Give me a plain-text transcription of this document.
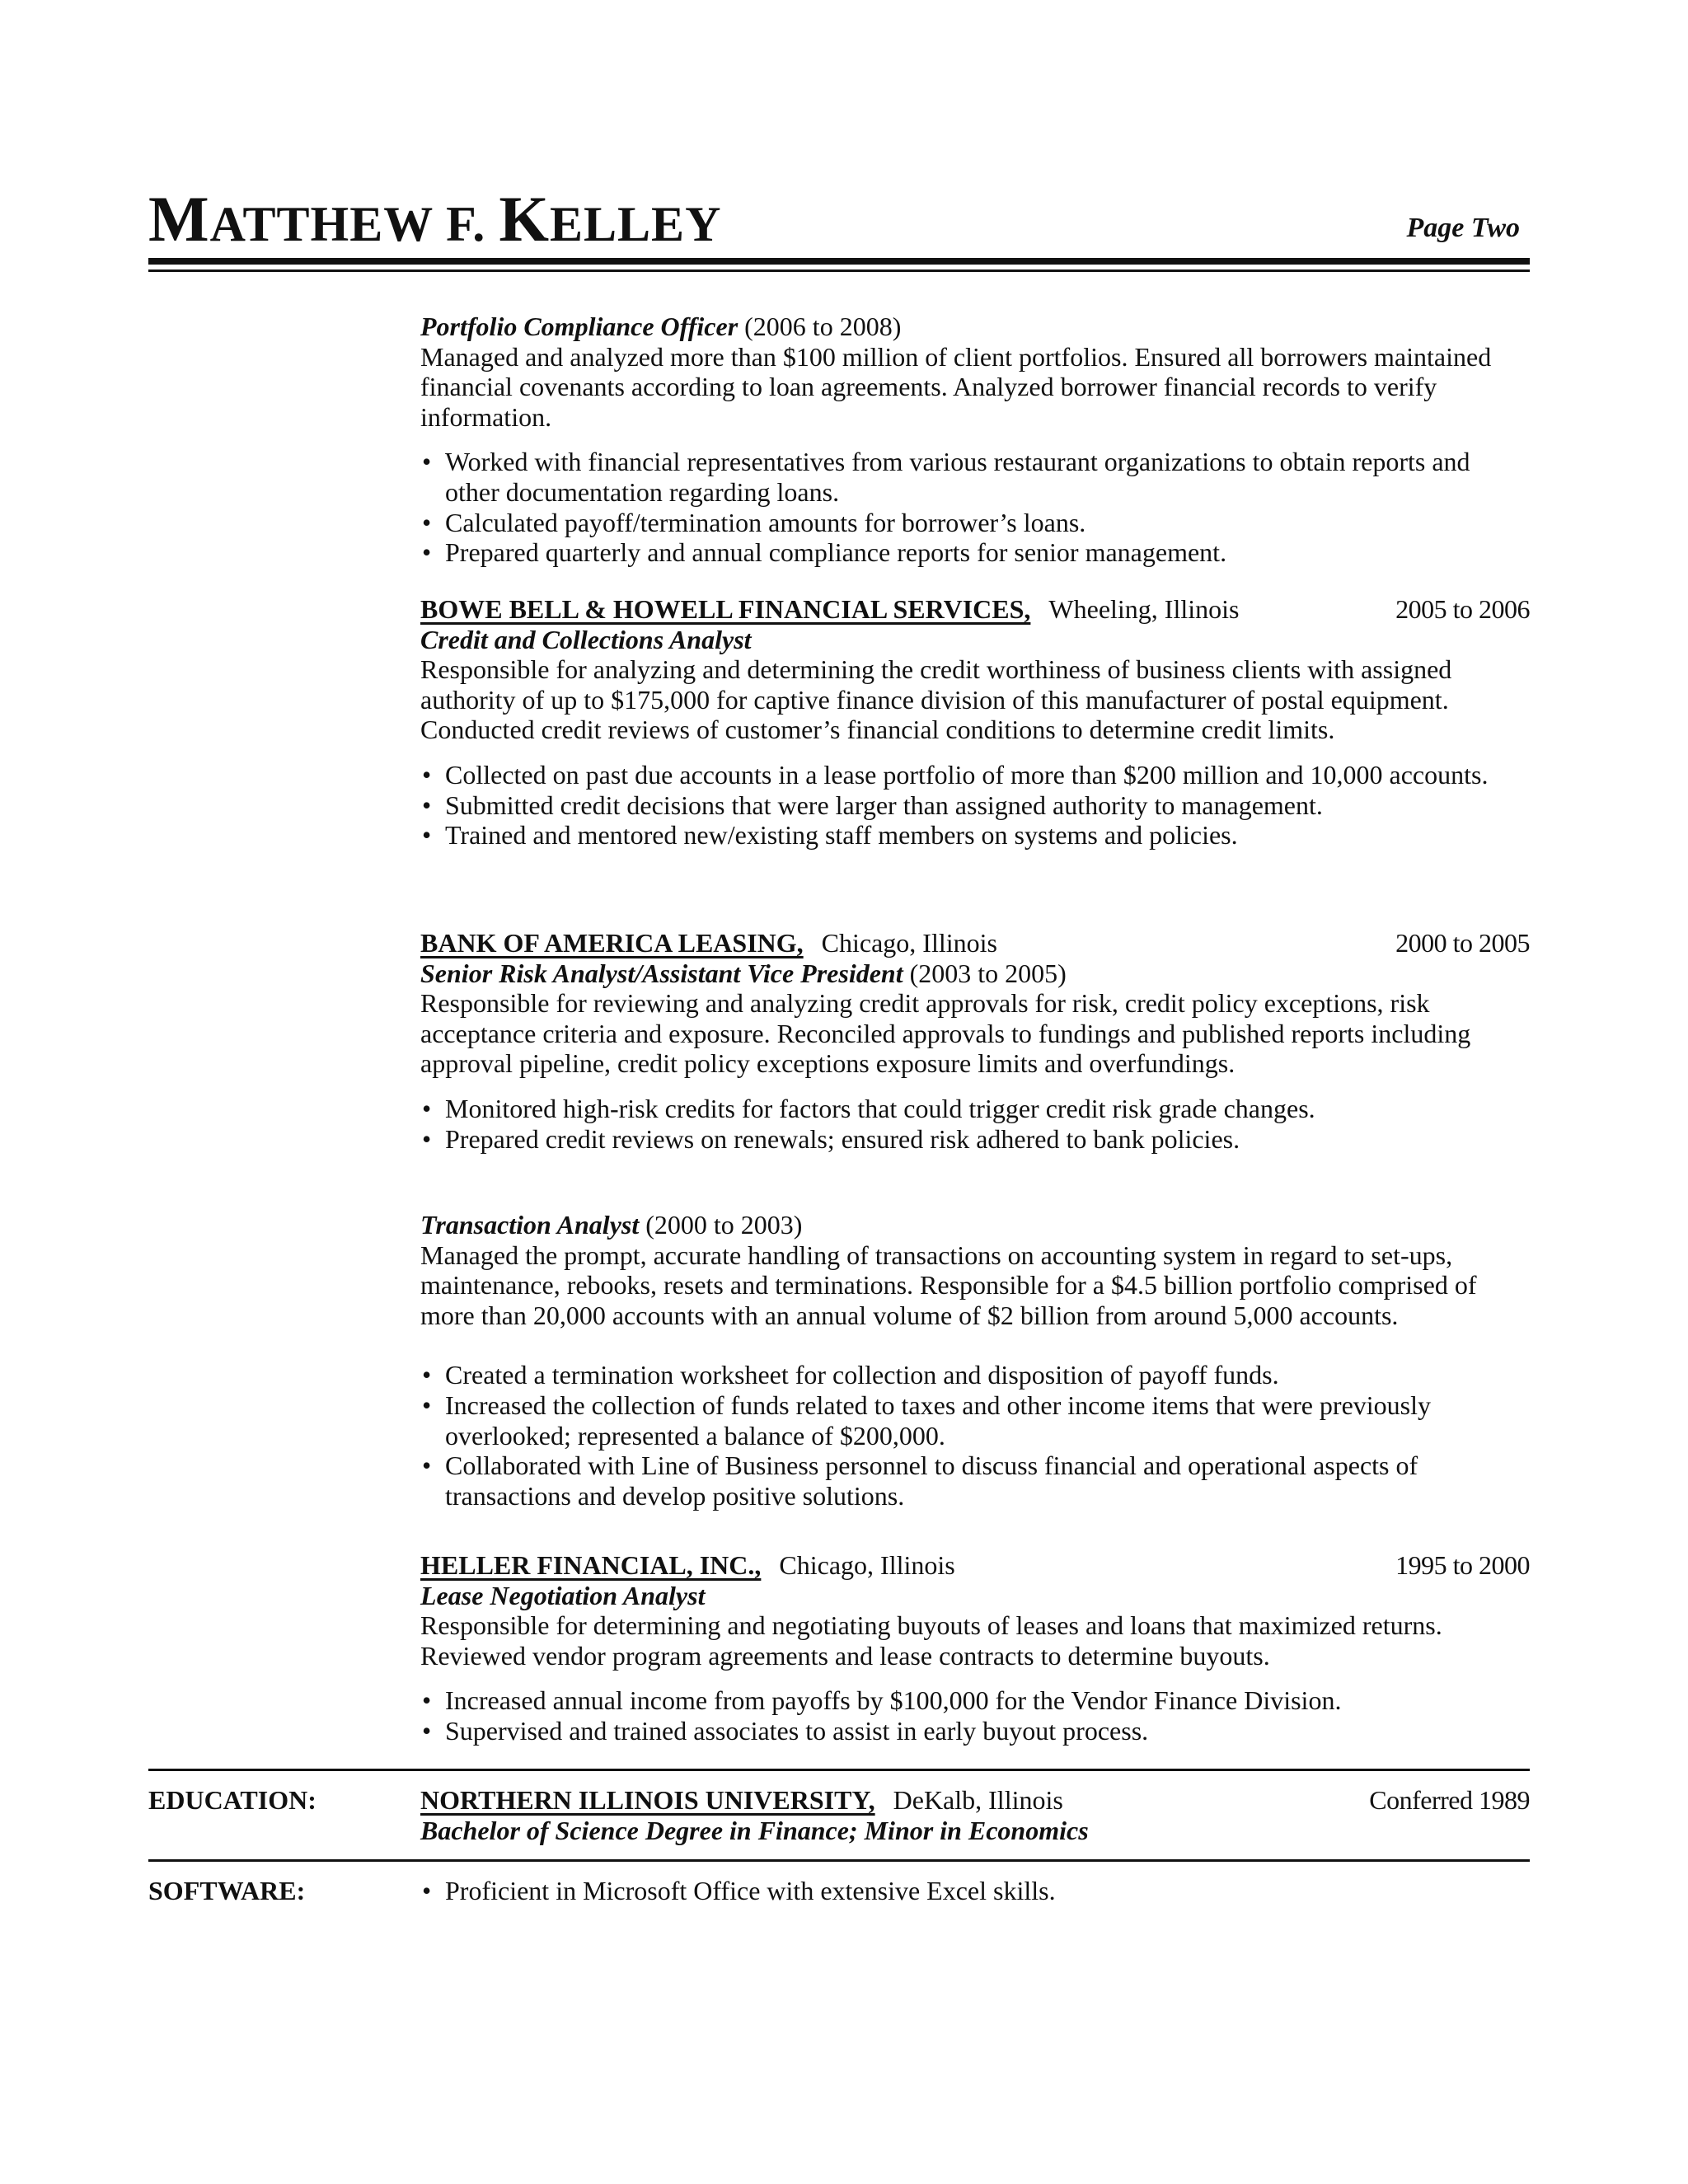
MATTHEW F. KELLEY	Page Two
Portfolio Compliance Officer (2006 to 2008)

Managed and analyzed more than $100 million of client portfolios. Ensured all borrowers maintained financial covenants according to loan agreements. Analyzed borrower financial records to verify information.

• Worked with financial representatives from various restaurant organizations to obtain reports and other documentation regarding loans.
• Calculated payoff/termination amounts for borrower’s loans.
• Prepared quarterly and annual compliance reports for senior management.
BOWE BELL & HOWELL FINANCIAL SERVICES, Wheeling, Illinois	2005 to 2006
Credit and Collections Analyst

Responsible for analyzing and determining the credit worthiness of business clients with assigned authority of up to $175,000 for captive finance division of this manufacturer of postal equipment. Conducted credit reviews of customer’s financial conditions to determine credit limits.

• Collected on past due accounts in a lease portfolio of more than $200 million and 10,000 accounts.
• Submitted credit decisions that were larger than assigned authority to management.
• Trained and mentored new/existing staff members on systems and policies.
BANK OF AMERICA LEASING, Chicago, Illinois	2000 to 2005
Senior Risk Analyst/Assistant Vice President (2003 to 2005)

Responsible for reviewing and analyzing credit approvals for risk, credit policy exceptions, risk acceptance criteria and exposure. Reconciled approvals to fundings and published reports including approval pipeline, credit policy exceptions exposure limits and overfundings.

• Monitored high-risk credits for factors that could trigger credit risk grade changes.
• Prepared credit reviews on renewals; ensured risk adhered to bank policies.
Transaction Analyst (2000 to 2003)

Managed the prompt, accurate handling of transactions on accounting system in regard to set-ups, maintenance, rebooks, resets and terminations. Responsible for a $4.5 billion portfolio comprised of more than 20,000 accounts with an annual volume of $2 billion from around 5,000 accounts.

• Created a termination worksheet for collection and disposition of payoff funds.
• Increased the collection of funds related to taxes and other income items that were previously overlooked; represented a balance of $200,000.
• Collaborated with Line of Business personnel to discuss financial and operational aspects of transactions and develop positive solutions.
HELLER FINANCIAL, INC., Chicago, Illinois	1995 to 2000
Lease Negotiation Analyst

Responsible for determining and negotiating buyouts of leases and loans that maximized returns. Reviewed vendor program agreements and lease contracts to determine buyouts.

• Increased annual income from payoffs by $100,000 for the Vendor Finance Division.
• Supervised and trained associates to assist in early buyout process.
EDUCATION:	NORTHERN ILLINOIS UNIVERSITY, DeKalb, Illinois	Conferred 1989
Bachelor of Science Degree in Finance; Minor in Economics
SOFTWARE:
•	Proficient in Microsoft Office with extensive Excel skills.
